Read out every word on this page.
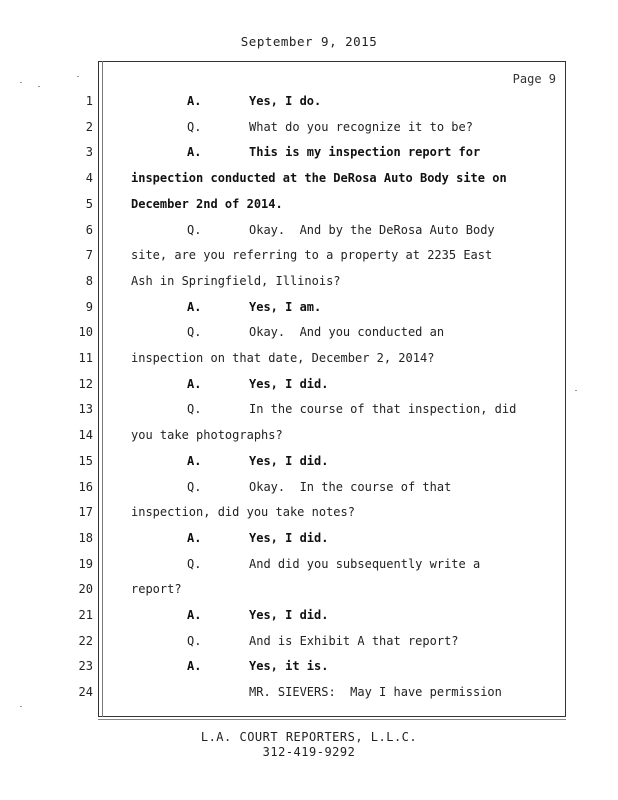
September 9, 2015
Page 9
1	A.	Yes, I do.
2	Q.	What do you recognize it to be?
3	A.	This is my inspection report for
4	inspection conducted at the DeRosa Auto Body site on
5	December 2nd of 2014.
6	Q.	Okay.  And by the DeRosa Auto Body
7	site, are you referring to a property at 2235 East
8	Ash in Springfield, Illinois?
9	A.	Yes, I am.
10	Q.	Okay.  And you conducted an
11	inspection on that date, December 2, 2014?
12	A.	Yes, I did.
13	Q.	In the course of that inspection, did
14	you take photographs?
15	A.	Yes, I did.
16	Q.	Okay.  In the course of that
17	inspection, did you take notes?
18	A.	Yes, I did.
19	Q.	And did you subsequently write a
20	report?
21	A.	Yes, I did.
22	Q.	And is Exhibit A that report?
23	A.	Yes, it is.
24	MR. SIEVERS:  May I have permission
L.A. COURT REPORTERS, L.L.C.
312-419-9292
